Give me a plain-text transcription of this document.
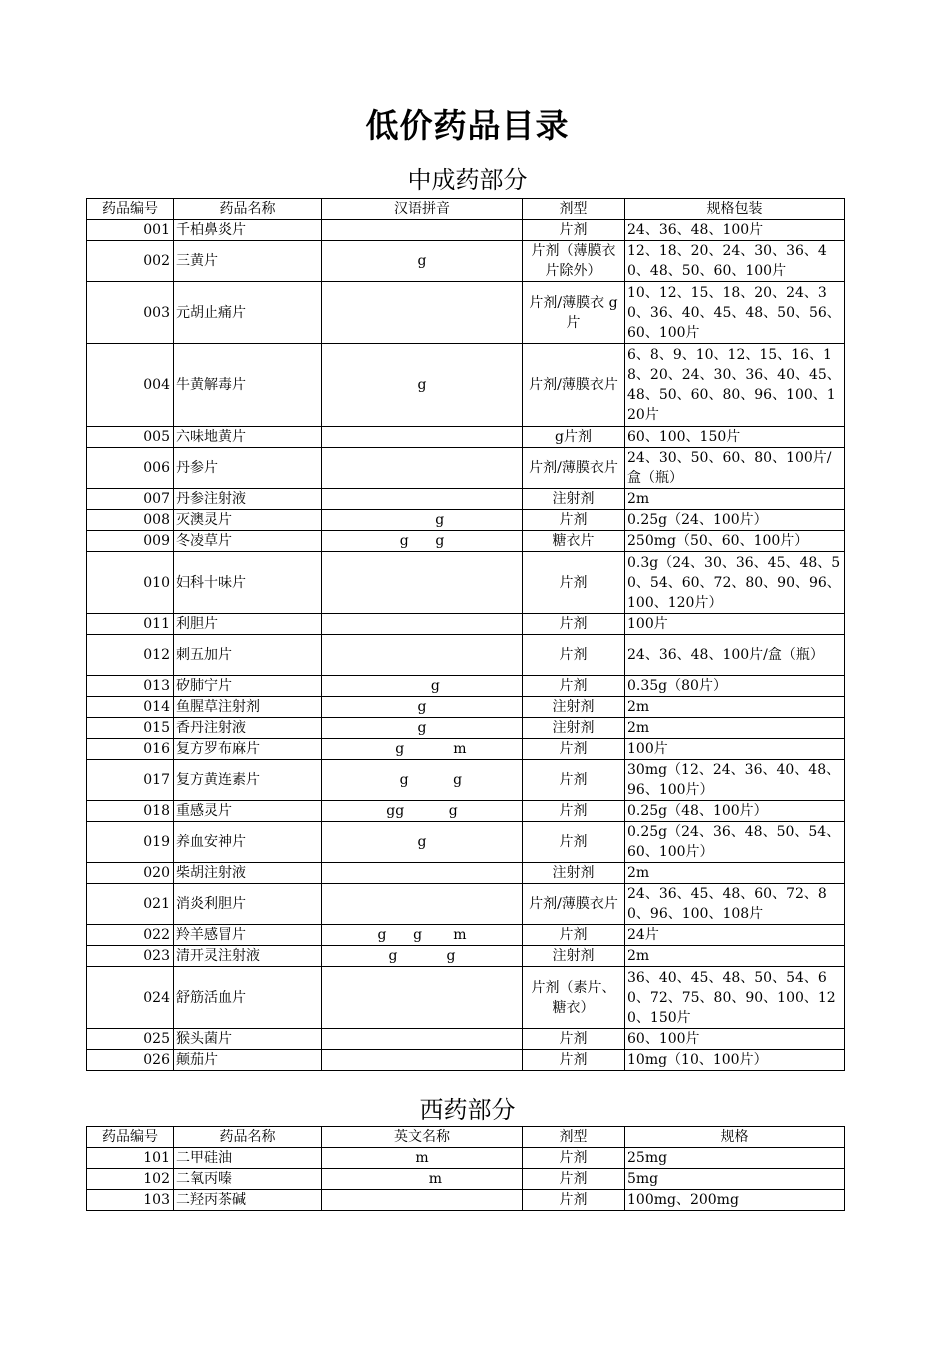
低价药品目录
中成药部分
药品编号	药品名称	汉语拼音	剂型	规格包装
001	千柏鼻炎片		片剂	24、36、48、100片
002	三黄片	g	片剂（薄膜衣片除外）	12、18、20、24、30、36、40、48、50、60、100片
003	元胡止痛片		片剂/薄膜衣 g 片	10、12、15、18、20、24、30、36、40、45、48、50、56、60、100片
004	牛黄解毒片	g	片剂/薄膜衣片	6、8、9、10、12、15、16、18、20、24、30、36、40、45、48、50、60、80、96、100、120片
005	六味地黄片		g片剂	60、100、150片
006	丹参片		片剂/薄膜衣片	24、30、50、60、80、100片/盒（瓶）
007	丹参注射液		注射剂	2m
008	灭澳灵片	g	片剂	0.25g（24、100片）
009	冬凌草片	g      g	糖衣片	250mg（50、60、100片）
010	妇科十味片		片剂	0.3g（24、30、36、45、48、50、54、60、72、80、90、96、100、120片）
011	利胆片		片剂	100片
012	刺五加片		片剂	24、36、48、100片/盒（瓶）
013	矽肺宁片	g	片剂	0.35g（80片）
014	鱼腥草注射剂	g	注射剂	2m
015	香丹注射液	g	注射剂	2m
016	复方罗布麻片	g           m	片剂	100片
017	复方黄连素片	g          g	片剂	30mg（12、24、36、40、48、96、100片）
018	重感灵片	gg          g	片剂	0.25g（48、100片）
019	养血安神片	g	片剂	0.25g（24、36、48、50、54、60、100片）
020	柴胡注射液		注射剂	2m
021	消炎利胆片		片剂/薄膜衣片	24、36、45、48、60、72、80、96、100、108片
022	羚羊感冒片	g      g       m	片剂	24片
023	清开灵注射液	g           g	注射剂	2m
024	舒筋活血片		片剂（素片、糖衣）	36、40、45、48、50、54、60、72、75、80、90、100、120、150片
025	猴头菌片		片剂	60、100片
026	颠茄片		片剂	10mg（10、100片）
西药部分
药品编号	药品名称	英文名称	剂型	规格
101	二甲硅油	m	片剂	25mg
102	二氧丙嗪	m	片剂	5mg
103	二羟丙茶碱		片剂	100mg、200mg
